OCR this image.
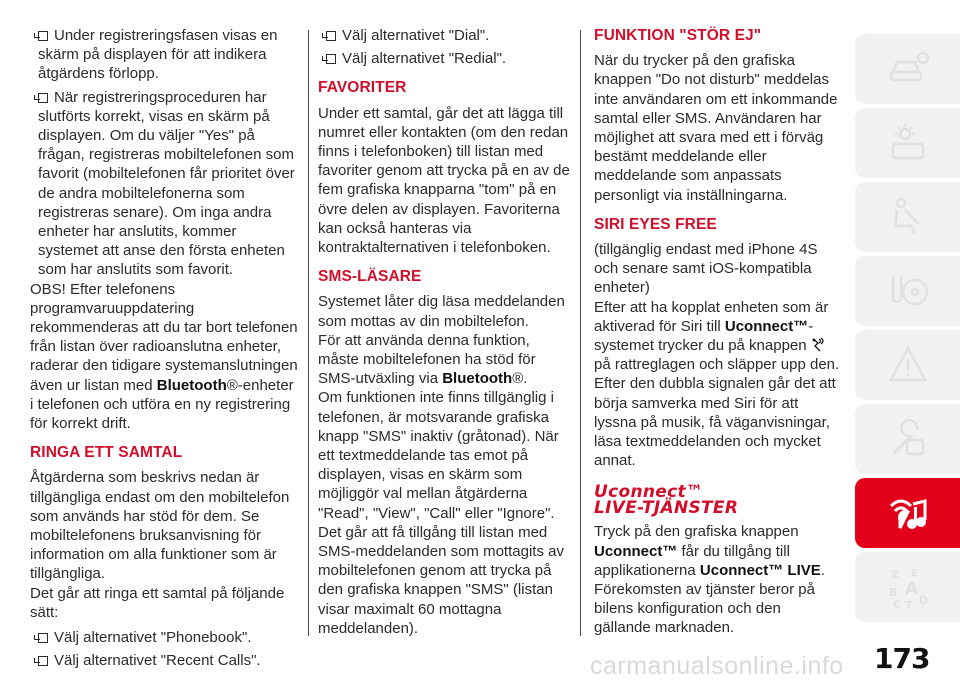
Under registreringsfasen visas en skärm på displayen för att indikera åtgärdens förlopp.

När registreringsproceduren har slutförts korrekt, visas en skärm på displayen. Om du väljer "Yes" på frågan, registreras mobiltelefonen som favorit (mobiltelefonen får prioritet över de andra mobiltelefonerna som registreras senare). Om inga andra enheter har anslutits, kommer systemet att anse den första enheten som har anslutits som favorit.

OBS! Efter telefonens programvaruuppdatering rekommenderas att du tar bort telefonen från listan över radioanslutna enheter, raderar den tidigare systemanslutningen även ur listan med Bluetooth®-enheter i telefonen och utföra en ny registrering för korrekt drift.

RINGA ETT SAMTAL

Åtgärderna som beskrivs nedan är tillgängliga endast om den mobiltelefon som används har stöd för dem. Se mobiltelefonens bruksanvisning för information om alla funktioner som är tillgängliga.

Det går att ringa ett samtal på följande sätt:

Välj alternativet "Phonebook".

Välj alternativet "Recent Calls".

Välj alternativet "Dial".

Välj alternativet "Redial".

FAVORITER

Under ett samtal, går det att lägga till numret eller kontakten (om den redan finns i telefonboken) till listan med favoriter genom att trycka på en av de fem grafiska knapparna "tom" på en övre delen av displayen. Favoriterna kan också hanteras via kontraktalternativen i telefonboken.

SMS-LÄSARE

Systemet låter dig läsa meddelanden som mottas av din mobiltelefon.

För att använda denna funktion, måste mobiltelefonen ha stöd för SMS-utväxling via Bluetooth®.

Om funktionen inte finns tillgänglig i telefonen, är motsvarande grafiska knapp "SMS" inaktiv (gråtonad). När ett textmeddelande tas emot på displayen, visas en skärm som möjliggör val mellan åtgärderna "Read", "View", "Call" eller "Ignore".

Det går att få tillgång till listan med SMS-meddelanden som mottagits av mobiltelefonen genom att trycka på den grafiska knappen "SMS" (listan visar maximalt 60 mottagna meddelanden).

FUNKTION "STÖR EJ"

När du trycker på den grafiska knappen "Do not disturb" meddelas inte användaren om ett inkommande samtal eller SMS. Användaren har möjlighet att svara med ett i förväg bestämt meddelande eller meddelande som anpassats personligt via inställningarna.

SIRI EYES FREE

(tillgänglig endast med iPhone 4S och senare samt iOS-kompatibla enheter)

Efter att ha kopplat enheten som är aktiverad för Siri till Uconnect™-systemet trycker du på knappen på rattreglagen och släpper upp den.

Efter den dubbla signalen går det att börja samverka med Siri för att lyssna på musik, få väganvisningar, läsa textmeddelanden och mycket annat.

Uconnect™
LIVE-TJÄNSTER

Tryck på den grafiska knappen Uconnect™ får du tillgång till applikationerna Uconnect™ LIVE.

Förekomsten av tjänster beror på bilens konfiguration och den gällande marknaden.

Z E
A
B
C T D
carmanualsonline.info 173
